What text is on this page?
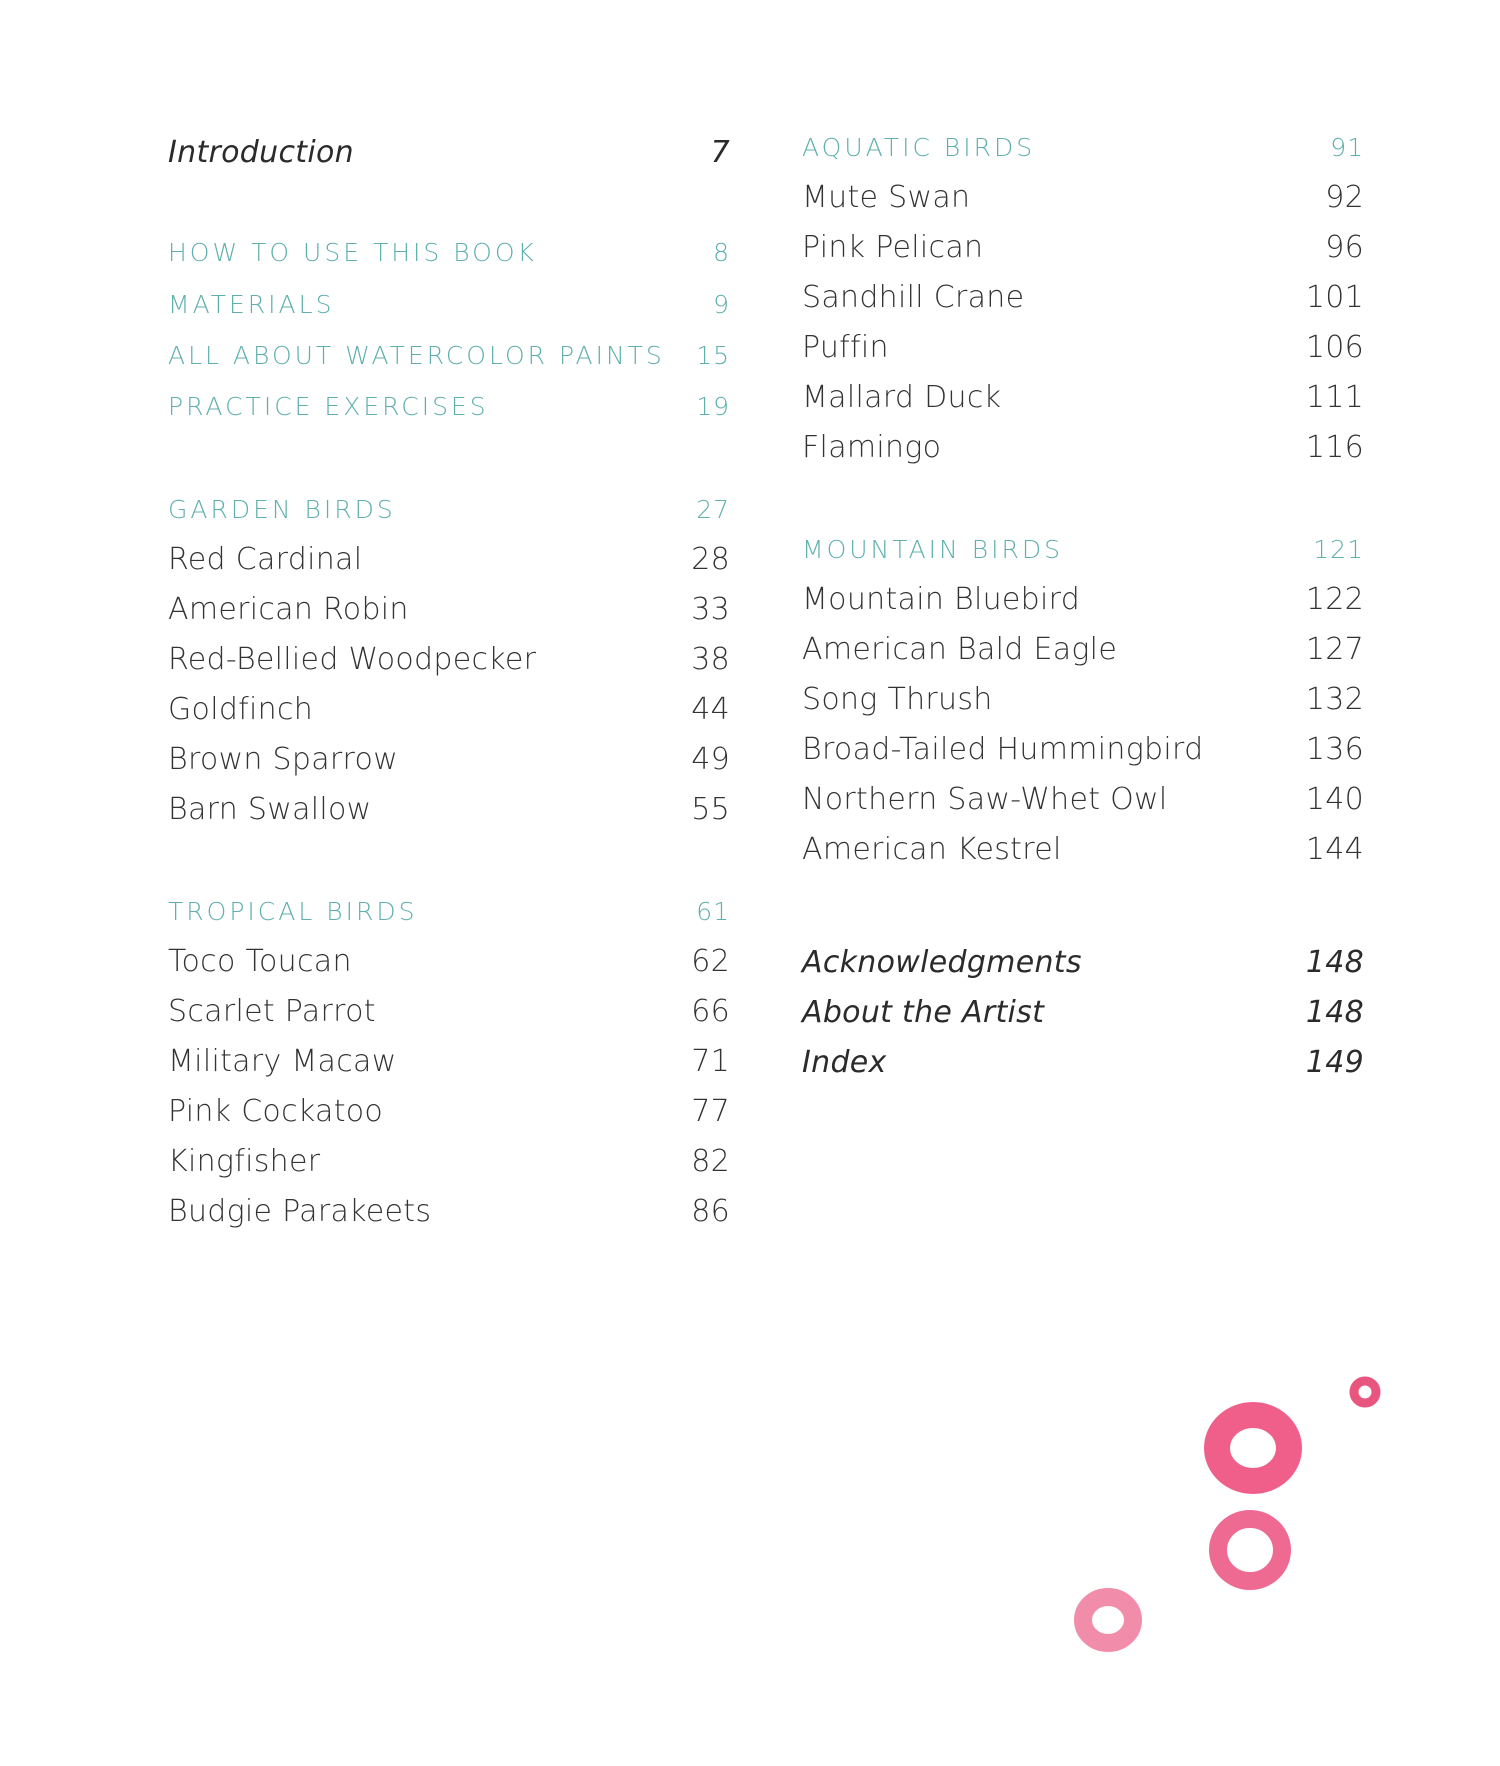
Introduction	7
HOW TO USE THIS BOOK	8
MATERIALS	9
ALL ABOUT WATERCOLOR PAINTS	15
PRACTICE EXERCISES	19
GARDEN BIRDS	27
Red Cardinal	28
American Robin	33
Red-Bellied Woodpecker	38
Goldfinch	44
Brown Sparrow	49
Barn Swallow	55
TROPICAL BIRDS	61
Toco Toucan	62
Scarlet Parrot	66
Military Macaw	71
Pink Cockatoo	77
Kingfisher	82
Budgie Parakeets	86
AQUATIC BIRDS	91
Mute Swan	92
Pink Pelican	96
Sandhill Crane	101
Puffin	106
Mallard Duck	111
Flamingo	116
MOUNTAIN BIRDS	121
Mountain Bluebird	122
American Bald Eagle	127
Song Thrush	132
Broad-Tailed Hummingbird	136
Northern Saw-Whet Owl	140
American Kestrel	144
Acknowledgments	148
About the Artist	148
Index	149
